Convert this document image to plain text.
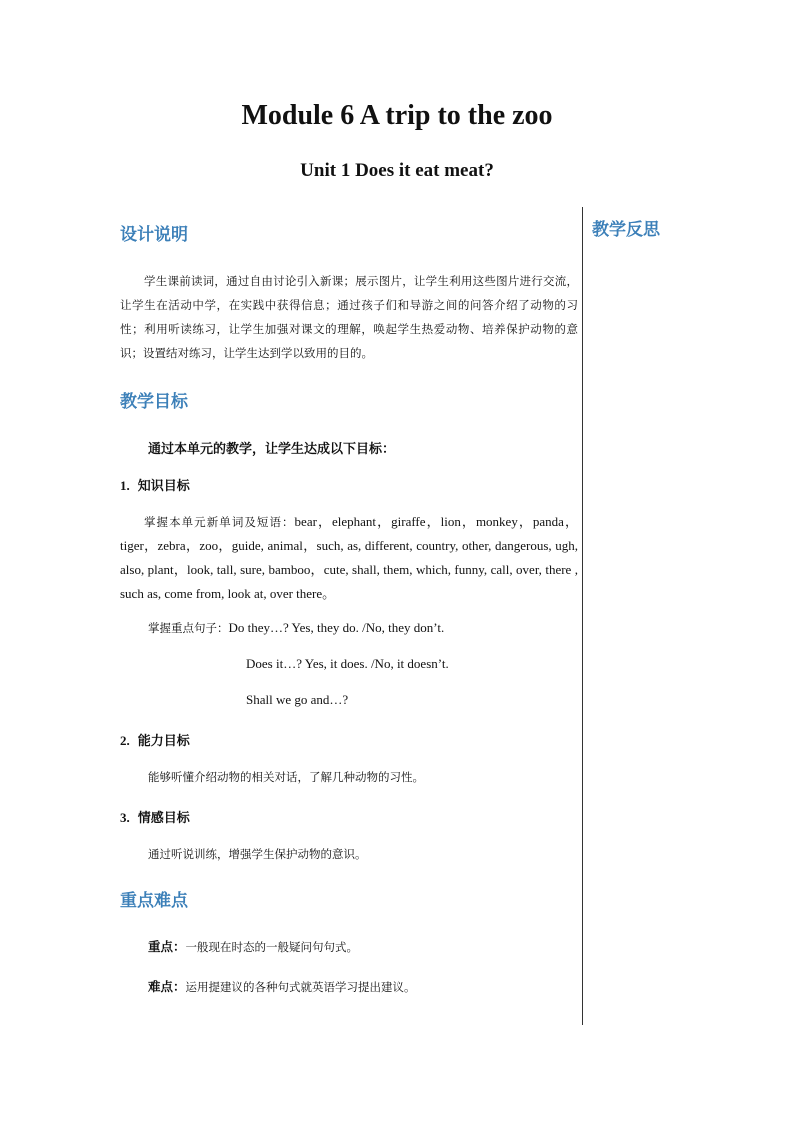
Module 6 A trip to the zoo
Unit 1 Does it eat meat?
教学反思
设计说明

学生课前读词，通过自由讨论引入新课；展示图片，让学生利用这些图片进行交流，让学生在活动中学，在实践中获得信息；通过孩子们和导游之间的问答介绍了动物的习性；利用听读练习，让学生加强对课文的理解，唤起学生热爱动物、培养保护动物的意识；设置结对练习，让学生达到学以致用的目的。

教学目标

通过本单元的教学，让学生达成以下目标：

1. 知识目标

掌握本单元新单词及短语：bear，elephant，giraffe，lion，monkey，panda，tiger，zebra，zoo，guide, animal，such, as, different, country, other, dangerous, ugh, also, plant，look, tall, sure, bamboo，cute, shall, them, which, funny, call, over, there , such as, come from, look at, over there。

掌握重点句子：Do they…? Yes, they do. /No, they don’t.

Does it…? Yes, it does. /No, it doesn’t.

Shall we go and…?

2. 能力目标

能够听懂介绍动物的相关对话，了解几种动物的习性。

3. 情感目标

通过听说训练，增强学生保护动物的意识。

重点难点

重点：一般现在时态的一般疑问句句式。

难点：运用提建议的各种句式就英语学习提出建议。
